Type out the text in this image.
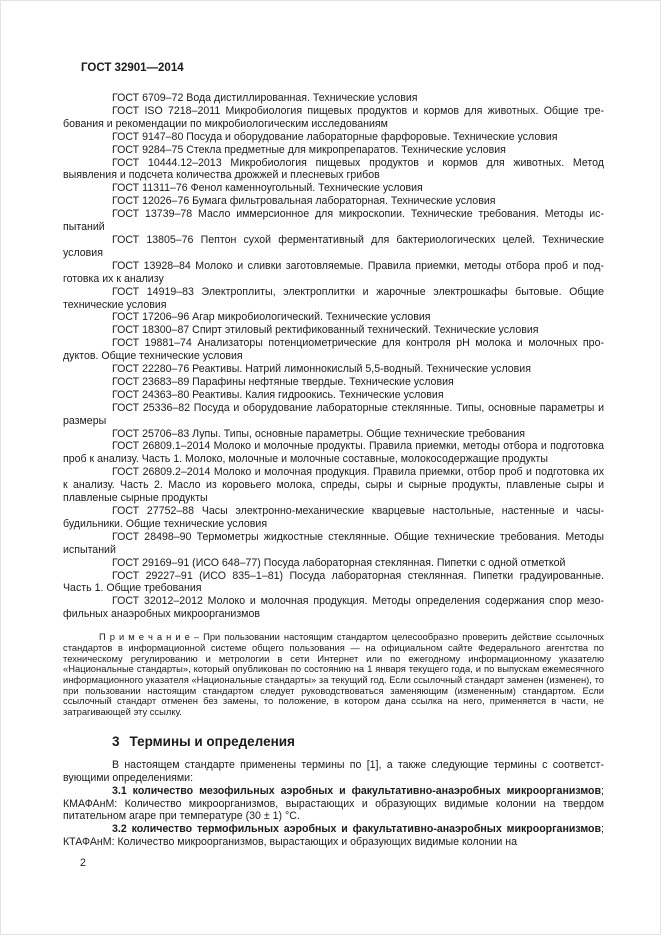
ГОСТ 32901—2014

ГОСТ 6709–72 Вода дистиллированная. Технические условия

ГОСТ ISO 7218–2011 Микробиология пищевых продуктов и кормов для животных. Общие требования и рекомендации по микробиологическим исследованиям

ГОСТ 9147–80 Посуда и оборудование лабораторные фарфоровые. Технические условия

ГОСТ 9284–75 Стекла предметные для микропрепаратов. Технические условия

ГОСТ 10444.12–2013 Микробиология пищевых продуктов и кормов для животных. Метод выявления и подсчета количества дрожжей и плесневых грибов

ГОСТ 11311–76 Фенол каменноугольный. Технические условия

ГОСТ 12026–76 Бумага фильтровальная лабораторная. Технические условия

ГОСТ 13739–78 Масло иммерсионное для микроскопии. Технические требования. Методы испытаний

ГОСТ 13805–76 Пептон сухой ферментативный для бактериологических целей. Технические условия

ГОСТ 13928–84 Молоко и сливки заготовляемые. Правила приемки, методы отбора проб и подготовка их к анализу

ГОСТ 14919–83 Электроплиты, электроплитки и жарочные электрошкафы бытовые. Общие технические условия

ГОСТ 17206–96 Агар микробиологический. Технические условия

ГОСТ 18300–87 Спирт этиловый ректификованный технический. Технические условия

ГОСТ 19881–74 Анализаторы потенциометрические для контроля pH молока и молочных продуктов. Общие технические условия

ГОСТ 22280–76 Реактивы. Натрий лимоннокислый 5,5-водный. Технические условия

ГОСТ 23683–89 Парафины нефтяные твердые. Технические условия

ГОСТ 24363–80 Реактивы. Калия гидроокись. Технические условия

ГОСТ 25336–82 Посуда и оборудование лабораторные стеклянные. Типы, основные параметры и размеры

ГОСТ 25706–83 Лупы. Типы, основные параметры. Общие технические требования

ГОСТ 26809.1–2014 Молоко и молочные продукты. Правила приемки, методы отбора и подготовка проб к анализу. Часть 1. Молоко, молочные и молочные составные, молокосодержащие продукты

ГОСТ 26809.2–2014 Молоко и молочная продукция. Правила приемки, отбор проб и подготовка их к анализу. Часть 2. Масло из коровьего молока, спреды, сыры и сырные продукты, плавленые сыры и плавленые сырные продукты

ГОСТ 27752–88 Часы электронно-механические кварцевые настольные, настенные и часы-будильники. Общие технические условия

ГОСТ 28498–90 Термометры жидкостные стеклянные. Общие технические требования. Методы испытаний

ГОСТ 29169–91 (ИСО 648–77) Посуда лабораторная стеклянная. Пипетки с одной отметкой

ГОСТ 29227–91 (ИСО 835–1–81) Посуда лабораторная стеклянная. Пипетки градуированные. Часть 1. Общие требования

ГОСТ 32012–2012 Молоко и молочная продукция. Методы определения содержания спор мезофильных анаэробных микроорганизмов

П р и м е ч а н и е – При пользовании настоящим стандартом целесообразно проверить действие ссылочных стандартов в информационной системе общего пользования — на официальном сайте Федерального агентства по техническому регулированию и метрологии в сети Интернет или по ежегодному информационному указателю «Национальные стандарты», который опубликован по состоянию на 1 января текущего года, и по выпускам ежемесячного информационного указателя «Национальные стандарты» за текущий год. Если ссылочный стандарт заменен (изменен), то при пользовании настоящим стандартом следует руководствоваться заменяющим (измененным) стандартом. Если ссылочный стандарт отменен без замены, то положение, в котором дана ссылка на него, применяется в части, не затрагивающей эту ссылку.

3 Термины и определения

В настоящем стандарте применены термины по [1], а также следующие термины с соответствующими определениями:

3.1 количество мезофильных аэробных и факультативно-анаэробных микроорганизмов; КМАФАнМ: Количество микроорганизмов, вырастающих и образующих видимые колонии на твердом питательном агаре при температуре (30 ± 1) °С.

3.2 количество термофильных аэробных и факультативно-анаэробных микроорганизмов; КТАФАнМ: Количество микроорганизмов, вырастающих и образующих видимые колонии на

2
